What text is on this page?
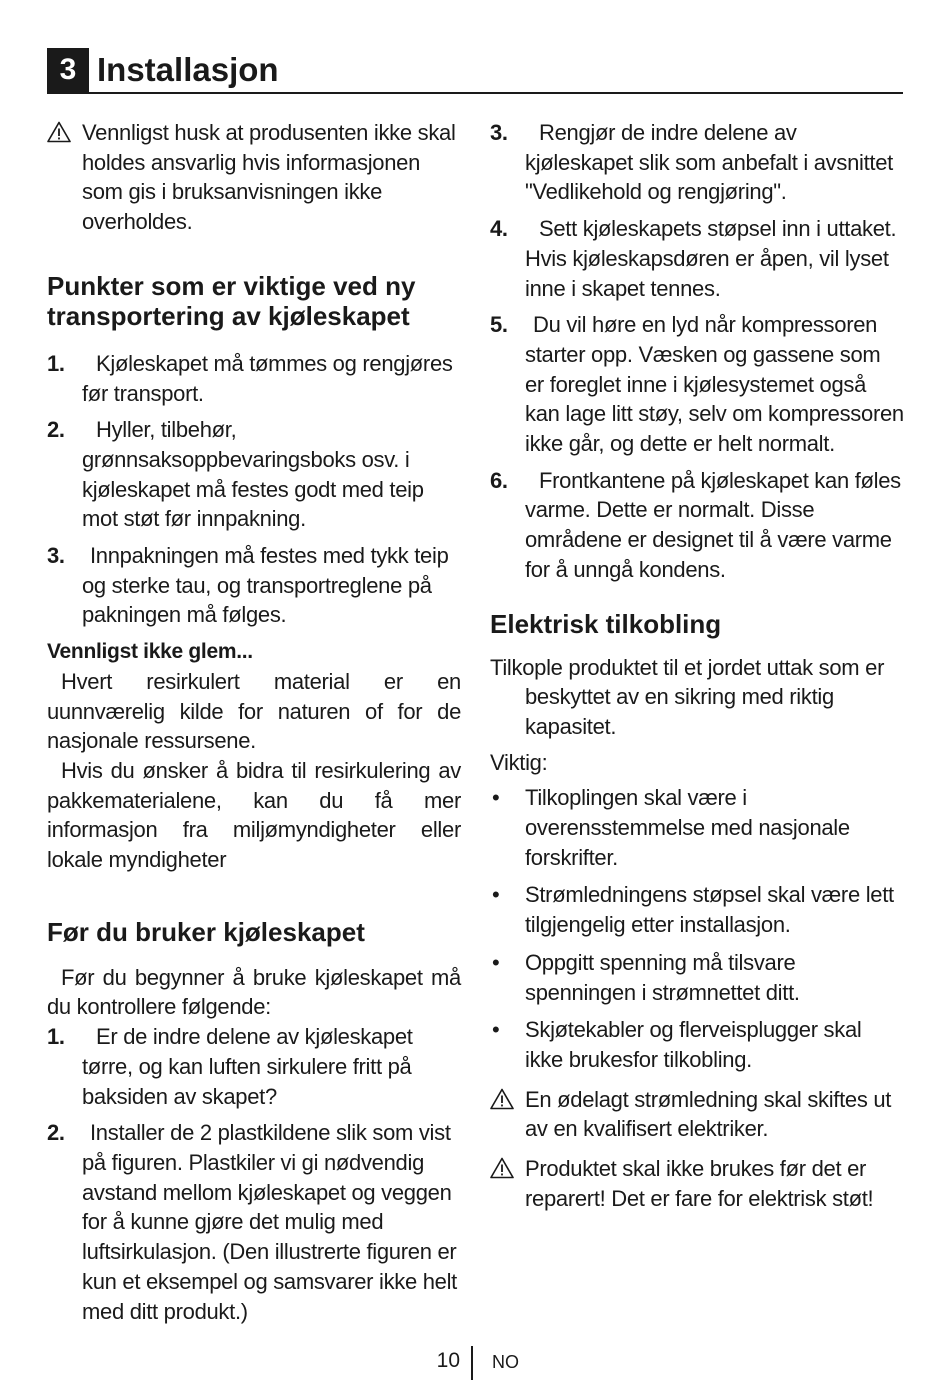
3 Installasjon

Vennligst husk at produsenten ikke skal holdes ansvarlig hvis informasjonen som gis i bruksanvisningen ikke overholdes.

Punkter som er viktige ved ny transportering av kjøleskapet
1. Kjøleskapet må tømmes og rengjøres før transport.
2. Hyller, tilbehør, grønnsaksoppbevaringsboks osv. i kjøleskapet må festes godt med teip mot støt før innpakning.
3. Innpakningen må festes med tykk teip og sterke tau, og transportreglene på pakningen må følges.

Vennligst ikke glem...

Hvert resirkulert material er en uunnværelig kilde for naturen of for de nasjonale ressursene.

Hvis du ønsker å bidra til resirkulering av pakkematerialene, kan du få mer informasjon fra miljømyndigheter eller lokale myndigheter

Før du bruker kjøleskapet

Før du begynner å bruke kjøleskapet må du kontrollere følgende:

1. Er de indre delene av kjøleskapet tørre, og kan luften sirkulere fritt på baksiden av skapet?
2. Installer de 2 plastkildene slik som vist på figuren. Plastkiler vi gi nødvendig avstand mellom kjøleskapet og veggen for å kunne gjøre det mulig med luftsirkulasjon. (Den illustrerte figuren er kun et eksempel og samsvarer ikke helt med ditt produkt.)
3. Rengjør de indre delene av kjøleskapet slik som anbefalt i avsnittet "Vedlikehold og rengjøring".
4. Sett kjøleskapets støpsel inn i uttaket. Hvis kjøleskapsdøren er åpen, vil lyset inne i skapet tennes.
5. Du vil høre en lyd når kompressoren starter opp. Væsken og gassene som er foreglet inne i kjølesystemet også kan lage litt støy, selv om kompressoren ikke går, og dette er helt normalt.
6. Frontkantene på kjøleskapet kan føles varme. Dette er normalt. Disse områdene er designet til å være varme for å unngå kondens.
Elektrisk tilkobling

Tilkople produktet til et jordet uttak som er beskyttet av en sikring med riktig kapasitet.

Viktig:

• Tilkoplingen skal være i overensstemmelse med nasjonale forskrifter.
• Strømledningens støpsel skal være lett tilgjengelig etter installasjon.
• Oppgitt spenning må tilsvare spenningen i strømnettet ditt.
• Skjøtekabler og flerveisplugger skal ikke brukesfor tilkobling.

En ødelagt strømledning skal skiftes ut av en kvalifisert elektriker.

Produktet skal ikke brukes før det er reparert! Det er fare for elektrisk støt!

10 NO
